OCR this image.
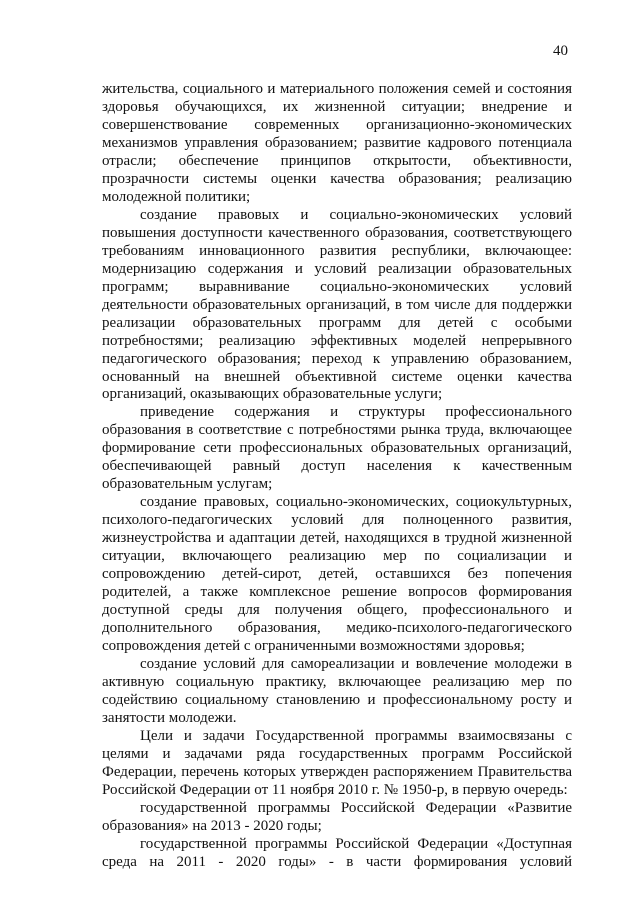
40

жительства, социального и материального положения семей и состояния здоровья обучающихся, их жизненной ситуации; внедрение и совершенствование современных организационно-экономических механизмов управления образованием; развитие кадрового потенциала отрасли; обеспечение принципов открытости, объективности, прозрачности системы оценки качества образования; реализацию молодежной политики;

создание правовых и социально-экономических условий повышения доступности качественного образования, соответствующего требованиям инновационного развития республики, включающее: модернизацию содержания и условий реализации образовательных программ; выравнивание социально-экономических условий деятельности образовательных организаций, в том числе для поддержки реализации образовательных программ для детей с особыми потребностями; реализацию эффективных моделей непрерывного педагогического образования; переход к управлению образованием, основанный на внешней объективной системе оценки качества организаций, оказывающих образовательные услуги;

приведение содержания и структуры профессионального образования в соответствие с потребностями рынка труда, включающее формирование сети профессиональных образовательных организаций, обеспечивающей равный доступ населения к качественным образовательным услугам;

создание правовых, социально-экономических, социокультурных, психолого-педагогических условий для полноценного развития, жизнеустройства и адаптации детей, находящихся в трудной жизненной ситуации, включающего реализацию мер по социализации и сопровождению детей-сирот, детей, оставшихся без попечения родителей, а также комплексное решение вопросов формирования доступной среды для получения общего, профессионального и дополнительного образования, медико-психолого-педагогического сопровождения детей с ограниченными возможностями здоровья;

создание условий для самореализации и вовлечение молодежи в активную социальную практику, включающее реализацию мер по содействию социальному становлению и профессиональному росту и занятости молодежи.

Цели и задачи Государственной программы взаимосвязаны с целями и задачами ряда государственных программ Российской Федерации, перечень которых утвержден распоряжением Правительства Российской Федерации от 11 ноября 2010 г. № 1950-р, в первую очередь:

государственной программы Российской Федерации «Развитие образования» на 2013 - 2020 годы;

государственной программы Российской Федерации «Доступная среда на 2011 - 2020 годы» - в части формирования условий
